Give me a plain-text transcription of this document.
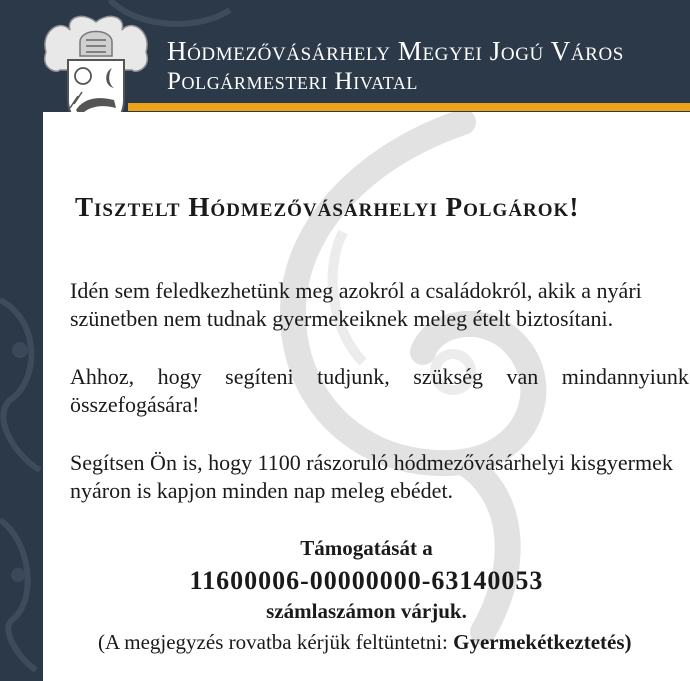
Hódmezővásárhely Megyei Jogú Város
Polgármesteri Hivatal
Tisztelt Hódmezővásárhelyi Polgárok!
Idén sem feledkezhetünk meg azokról a családokról, akik a nyári
szünetben nem tudnak gyermekeiknek meleg ételt biztosítani.
Ahhoz, hogy segíteni tudjunk, szükség van mindannyiunk
összefogására!
Segítsen Ön is, hogy 1100 rászoruló hódmezővásárhelyi kisgyermek
nyáron is kapjon minden nap meleg ebédet.
Támogatását a
11600006-00000000-63140053
számlaszámon várjuk.
(A megjegyzés rovatba kérjük feltüntetni: Gyermekétkeztetés)
